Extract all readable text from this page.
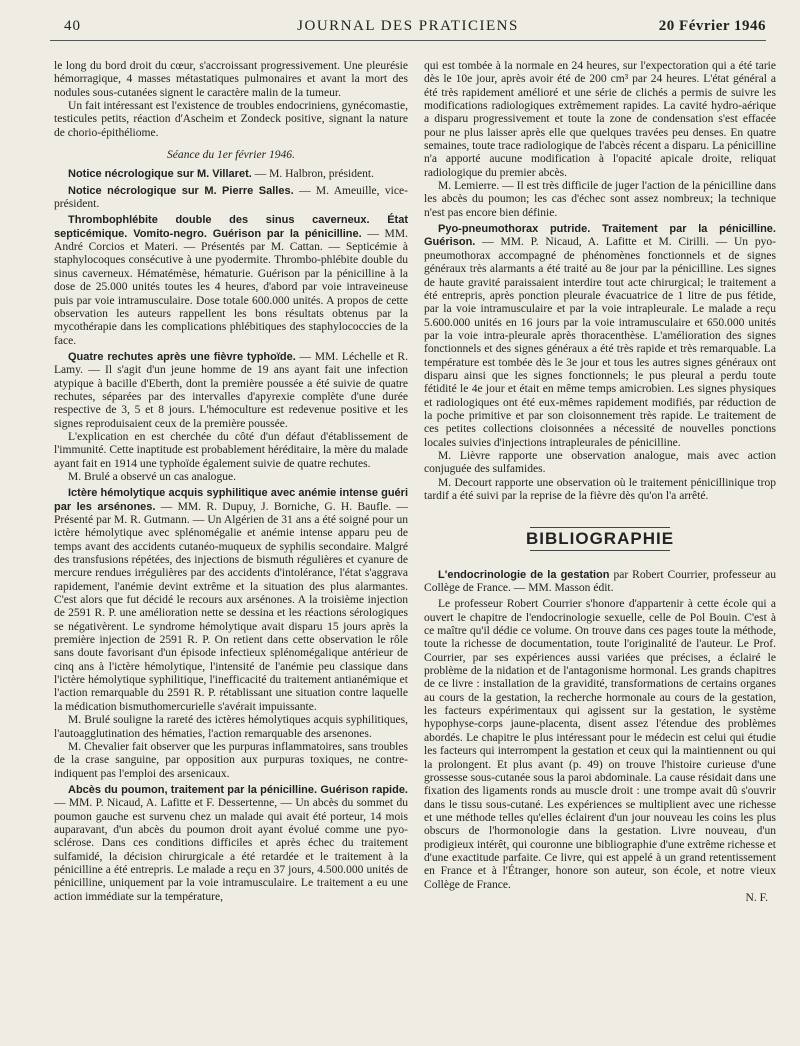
40	JOURNAL DES PRATICIENS	20 Février 1946

le long du bord droit du cœur, s'accroissant progressivement. Une pleurésie hémorragique, 4 masses métastatiques pulmonaires et avant la mort des nodules sous-cutanées signent le caractère malin de la tumeur.

Un fait intéressant est l'existence de troubles endocriniens, gynécomastie, testicules petits, réaction d'Ascheim et Zondeck positive, signant la nature de chorio-épithéliome.

Séance du 1er février 1946.

Notice nécrologique sur M. Villaret. — M. Halbron, président.

Notice nécrologique sur M. Pierre Salles. — M. Ameuille, vice-président.

Thrombophlébite double des sinus caverneux. État septicémique. Vomito-negro. Guérison par la pénicilline. — MM. André Corcios et Materi. — Présentés par M. Cattan. — Septicémie à staphylocoques consécutive à une pyodermite. Thrombo-phlébite double du sinus caverneux. Hématémèse, hématurie. Guérison par la pénicilline à la dose de 25.000 unités toutes les 4 heures, d'abord par voie intraveineuse puis par voie intramusculaire. Dose totale 600.000 unités. A propos de cette observation les auteurs rappellent les bons résultats obtenus par la mycothérapie dans les complications phlébitiques des staphylococcies de la face.

Quatre rechutes après une fièvre typhoïde. — MM. Léchelle et R. Lamy. — Il s'agit d'un jeune homme de 19 ans ayant fait une infection atypique à bacille d'Eberth, dont la première poussée a été suivie de quatre rechutes, séparées par des intervalles d'apyrexie complète d'une durée respective de 3, 5 et 8 jours. L'hémoculture est redevenue positive et les signes reproduisaient ceux de la première poussée.

L'explication en est cherchée du côté d'un défaut d'établissement de l'immunité. Cette inaptitude est probablement héréditaire, la mère du malade ayant fait en 1914 une typhoïde également suivie de quatre rechutes.

M. Brulé a observé un cas analogue.

Ictère hémolytique acquis syphilitique avec anémie intense guéri par les arsénones. — MM. R. Dupuy, J. Borniche, G. H. Baufle. — Présenté par M. R. Gutmann. — Un Algérien de 31 ans a été soigné pour un ictère hémolytique avec splénomégalie et anémie intense apparu peu de temps avant des accidents cutanéo-muqueux de syphilis secondaire. Malgré des transfusions répétées, des injections de bismuth régulières et cyanure de mercure rendues irrégulières par des accidents d'intolérance, l'état s'aggrava rapidement, l'anémie devint extrême et la situation des plus alarmantes. C'est alors que fut décidé le recours aux arsénones. A la troisième injection de 2591 R. P. une amélioration nette se dessina et les réactions sérologiques se négativèrent. Le syndrome hémolytique avait disparu 15 jours après la première injection de 2591 R. P. On retient dans cette observation le rôle sans doute favorisant d'un épisode infectieux splénomégalique antérieur de cinq ans à l'ictère hémolytique, l'intensité de l'anémie peu classique dans l'ictère hémolytique syphilitique, l'inefficacité du traitement antianémique et l'action remarquable du 2591 R. P. rétablissant une situation contre laquelle la médication bismuthomercurielle s'avérait impuissante.

M. Brulé souligne la rareté des ictères hémolytiques acquis syphilitiques, l'autoagglutination des hématies, l'action remarquable des arsenones.

M. Chevalier fait observer que les purpuras inflammatoires, sans troubles de la crase sanguine, par opposition aux purpuras toxiques, ne contre-indiquent pas l'emploi des arsenicaux.

Abcès du poumon, traitement par la pénicilline. Guérison rapide. — MM. P. Nicaud, A. Lafitte et F. Dessertenne, — Un abcès du sommet du poumon gauche est survenu chez un malade qui avait été porteur, 14 mois auparavant, d'un abcès du poumon droit ayant évolué comme une pyo-sclérose. Dans ces conditions difficiles et après échec du traitement sulfamidé, la décision chirurgicale a été retardée et le traitement à la pénicilline a été entrepris. Le malade a reçu en 37 jours, 4.500.000 unités de pénicilline, uniquement par la voie intramusculaire. Le traitement a eu une action immédiate sur la température,

qui est tombée à la normale en 24 heures, sur l'expectoration qui a été tarie dès le 10e jour, après avoir été de 200 cm³ par 24 heures. L'état général a été très rapidement amélioré et une série de clichés a permis de suivre les modifications radiologiques extrêmement rapides. La cavité hydro-aérique a disparu progressivement et toute la zone de condensation s'est effacée pour ne plus laisser après elle que quelques travées peu denses. En quatre semaines, toute trace radiologique de l'abcès récent a disparu. La pénicilline n'a apporté aucune modification à l'opacité apicale droite, reliquat radiologique du premier abcès.

M. Lemierre. — Il est très difficile de juger l'action de la pénicilline dans les abcès du poumon; les cas d'échec sont assez nombreux; la technique n'est pas encore bien définie.

Pyo-pneumothorax putride. Traitement par la pénicilline. Guérison. — MM. P. Nicaud, A. Lafitte et M. Cirilli. — Un pyo-pneumothorax accompagné de phénomènes fonctionnels et de signes généraux très alarmants a été traité au 8e jour par la pénicilline. Les signes de haute gravité paraissaient interdire tout acte chirurgical; le traitement a été entrepris, après ponction pleurale évacuatrice de 1 litre de pus fétide, par la voie intramusculaire et par la voie intrapleurale. Le malade a reçu 5.600.000 unités en 16 jours par la voie intramusculaire et 650.000 unités par la voie intra-pleurale après thoracenthèse. L'amélioration des signes fonctionnels et des signes généraux a été très rapide et très remarquable. La température est tombée dès le 3e jour et tous les autres signes généraux ont disparu ainsi que les signes fonctionnels; le pus pleural a perdu toute fétidité le 4e jour et était en même temps amicrobien. Les signes physiques et radiologiques ont été eux-mêmes rapidement modifiés, par réduction de la poche primitive et par son cloisonnement très rapide. Le traitement de ces petites collections cloisonnées a nécessité de nouvelles ponctions locales suivies d'injections intrapleurales de pénicilline.

M. Lièvre rapporte une observation analogue, mais avec action conjuguée des sulfamides.

M. Decourt rapporte une observation où le traitement pénicillinique trop tardif a été suivi par la reprise de la fièvre dès qu'on l'a arrêté.

BIBLIOGRAPHIE

L'endocrinologie de la gestation par Robert Courrier, professeur au Collège de France. — MM. Masson édit.

Le professeur Robert Courrier s'honore d'appartenir à cette école qui a ouvert le chapitre de l'endocrinologie sexuelle, celle de Pol Bouin. C'est à ce maître qu'il dédie ce volume. On trouve dans ces pages toute la méthode, toute la richesse de documentation, toute l'originalité de l'auteur. Le Prof. Courrier, par ses expériences aussi variées que précises, a éclairé le problème de la nidation et de l'antagonisme hormonal. Les grands chapitres de ce livre : installation de la gravidité, transformations de certains organes au cours de la gestation, la recherche hormonale au cours de la gestation, les facteurs expérimentaux qui agissent sur la gestation, le système hypophyse-corps jaune-placenta, disent assez l'étendue des problèmes abordés. Le chapitre le plus intéressant pour le médecin est celui qui étudie les facteurs qui interrompent la gestation et ceux qui la maintiennent ou qui la prolongent. Et plus avant (p. 49) on trouve l'histoire curieuse d'une grossesse sous-cutanée sous la paroi abdominale. La cause résidait dans une fixation des ligaments ronds au muscle droit : une trompe avait dû s'ouvrir dans le tissu sous-cutané. Les expériences se multiplient avec une richesse et une méthode telles qu'elles éclairent d'un jour nouveau les coins les plus obscurs de l'hormonologie dans la gestation. Livre nouveau, d'un prodigieux intérêt, qui couronne une bibliographie d'une extrême richesse et d'une exactitude parfaite. Ce livre, qui est appelé à un grand retentissement en France et à l'Étranger, honore son auteur, son école, et notre vieux Collège de France.

N. F.
